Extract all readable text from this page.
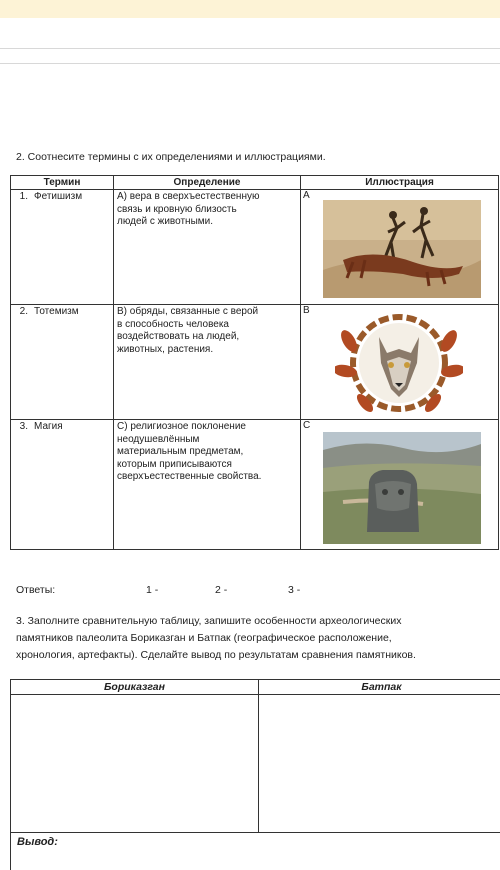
2. Соотнесите термины с их определениями и иллюстрациями.
Термин	Определение	Иллюстрация
1. Фетишизм	А) вера в сверхъестественную
связь и кровную близость
людей с животными.	А

2. Тотемизм	В) обряды, связанные с верой
в способность человека
воздействовать на людей,
животных, растения.	В

3. Магия	С) религиозное поклонение
неодушевлённым
материальным предметам,
которым приписываются
сверхъестественные свойства.	С
Ответы:	1 -	2 -	3 -
3. Заполните сравнительную таблицу, запишите особенности археологических
памятников палеолита Бориказган и Батпак (географическое расположение,
хронология, артефакты). Сделайте вывод по результатам сравнения памятников.
Бориказган	Батпак

Вывод:
